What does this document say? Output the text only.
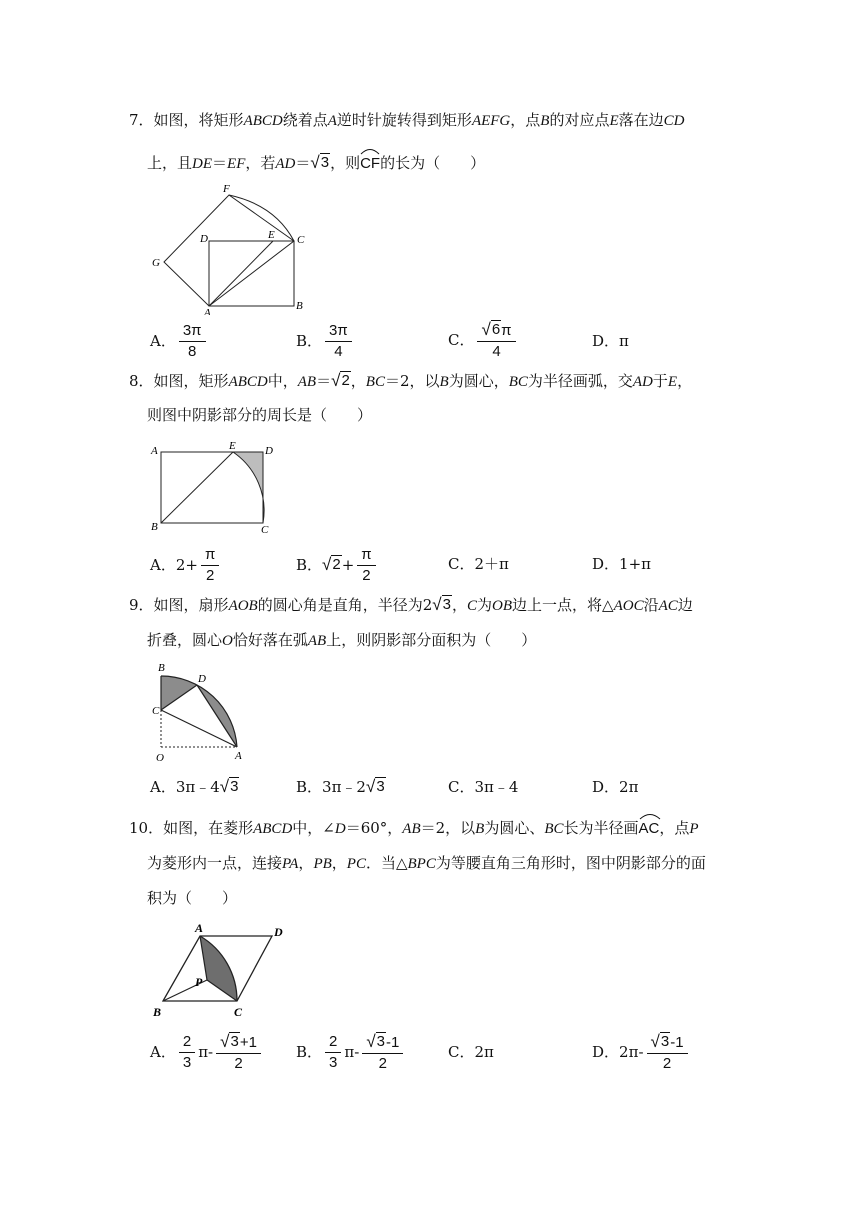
7．如图，将矩形ABCD绕着点A逆时针旋转得到矩形AEFG，点B的对应点E落在边CD
上，且DE＝EF，若AD＝ √ 3 ，则
CF的长为（　　）
F
D	E C
G
A
B
A． $\frac{3\pi}{8}$	B． $\frac{3\pi}{4}$	C． $\frac{√ 6 \pi}{4}$	D． π
8．如图，矩形ABCD中，AB＝ √ 2 ，BC＝2，以B为圆心，BC为半径画弧，交AD于E，
则图中阴影部分的周长是（　　）
A	E	D
B	C
A． $2+ \frac{\pi}{2}$	B． √ $2 + \frac{\pi}{2}$	C． 2＋π	D． 1+π
9．如图，扇形AOB的圆心角是直角，半径为2 √ 3 ，C为OB边上一点，将△AOC沿AC边
折叠，圆心O恰好落在弧AB上，则阴影部分面积为（　　）
B
D
C
O	A
A． 3π﹣4 √ 3	B． 3π﹣2 √ 3	C． 3π﹣4	D． 2π
10．如图，在菱形ABCD中，∠D＝60°，AB＝2，以B为圆心、BC长为半径画
AC，点P
为菱形内一点，连接PA，PB，PC．当△BPC为等腰直角三角形时，图中阴影部分的面
积为（　　）
A	D
P
B	C
A． $\frac{2}{3}$ π - $\frac{√ 3 +1}{2}$ B． $\frac{2}{3}$ π - $\frac{√ 3 -1}{2}$	C． 2π	D． $2\pi - \frac{√ 3 -1}{2}$
